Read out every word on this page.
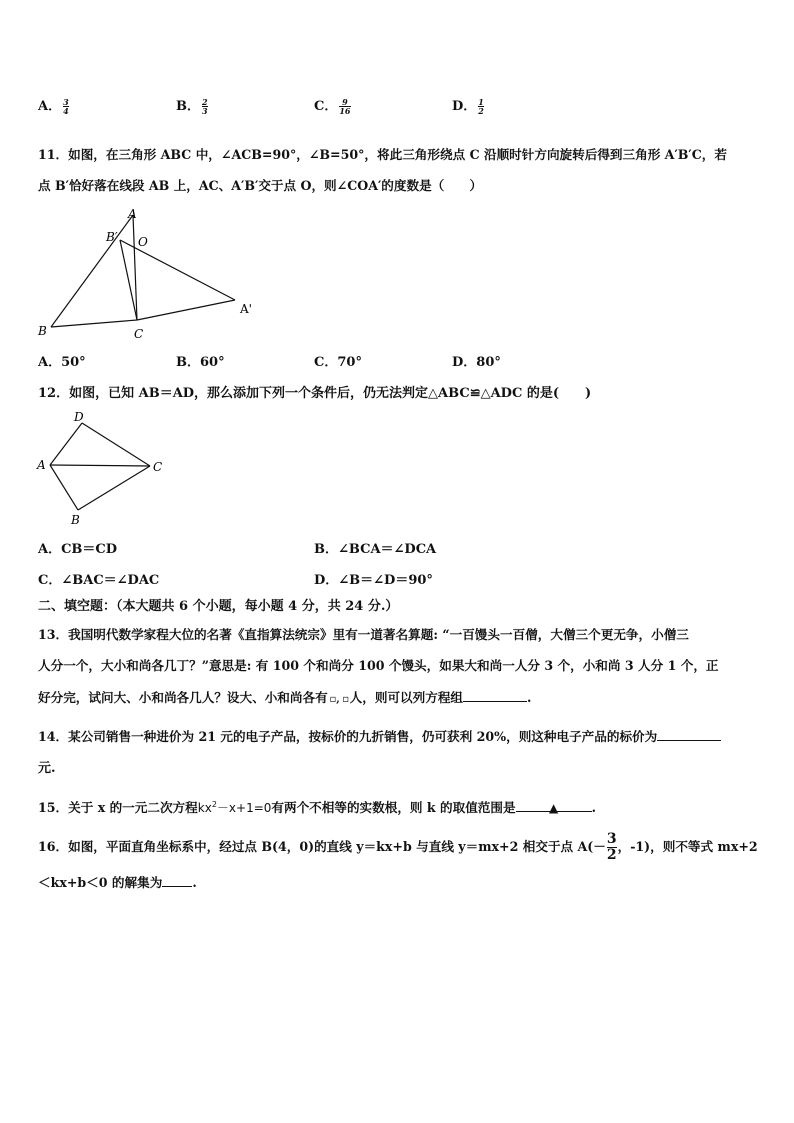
A． $\frac{3}{4}$	B． $\frac{2}{3}$	C． $\frac{9}{16}$	D． $\frac{1}{2}$
11．如图，在三角形 ABC 中，∠ACB=90°，∠B=50°，将此三角形绕点 C 沿顺时针方向旋转后得到三角形 A′B′C，若
点 B′恰好落在线段 AB 上，AC、A′B′交于点 O，则∠COA′的度数是（　　）
A
B′ O
A'
B	C
A．50°	B．60°	C．70°	D．80°
12．如图，已知 AB＝AD，那么添加下列一个条件后，仍无法判定△ABC≌△ADC 的是(　　)
D
A	C
B
A．CB＝CD	B．∠BCA＝∠DCA
C．∠BAC＝∠DAC	D．∠B＝∠D＝90°
二、填空题：（本大题共 6 个小题，每小题 4 分，共 24 分.）
13．我国明代数学家程大位的名著《直指算法统宗》里有一道著名算题: “一百馒头一百僧，大僧三个更无争，小僧三
人分一个，大小和尚各几丁？”意思是: 有 100 个和尚分 100 个馒头，如果大和尚一人分 3 个，小和尚 3 人分 1 个，正
好分完，试问大、小和尚各几人？设大、小和尚各有 ▫, ▫人，则可以列方程组	.
14．某公司销售一种进价为 21 元的电子产品，按标价的九折销售，仍可获利 20%，则这种电子产品的标价为
元.
15．关于 x 的一元二次方程$kx^2-x+1=0$有两个不相等的实数根，则 k 的取值范围是	▲	.
16．如图，平面直角坐标系中，经过点 B(4，0)的直线 y＝kx+b 与直线 y＝mx+2 相交于点 $A(- \frac{3}{2}$ ，-1)，则不等式 mx+2
＜kx+b＜0 的解集为 .
